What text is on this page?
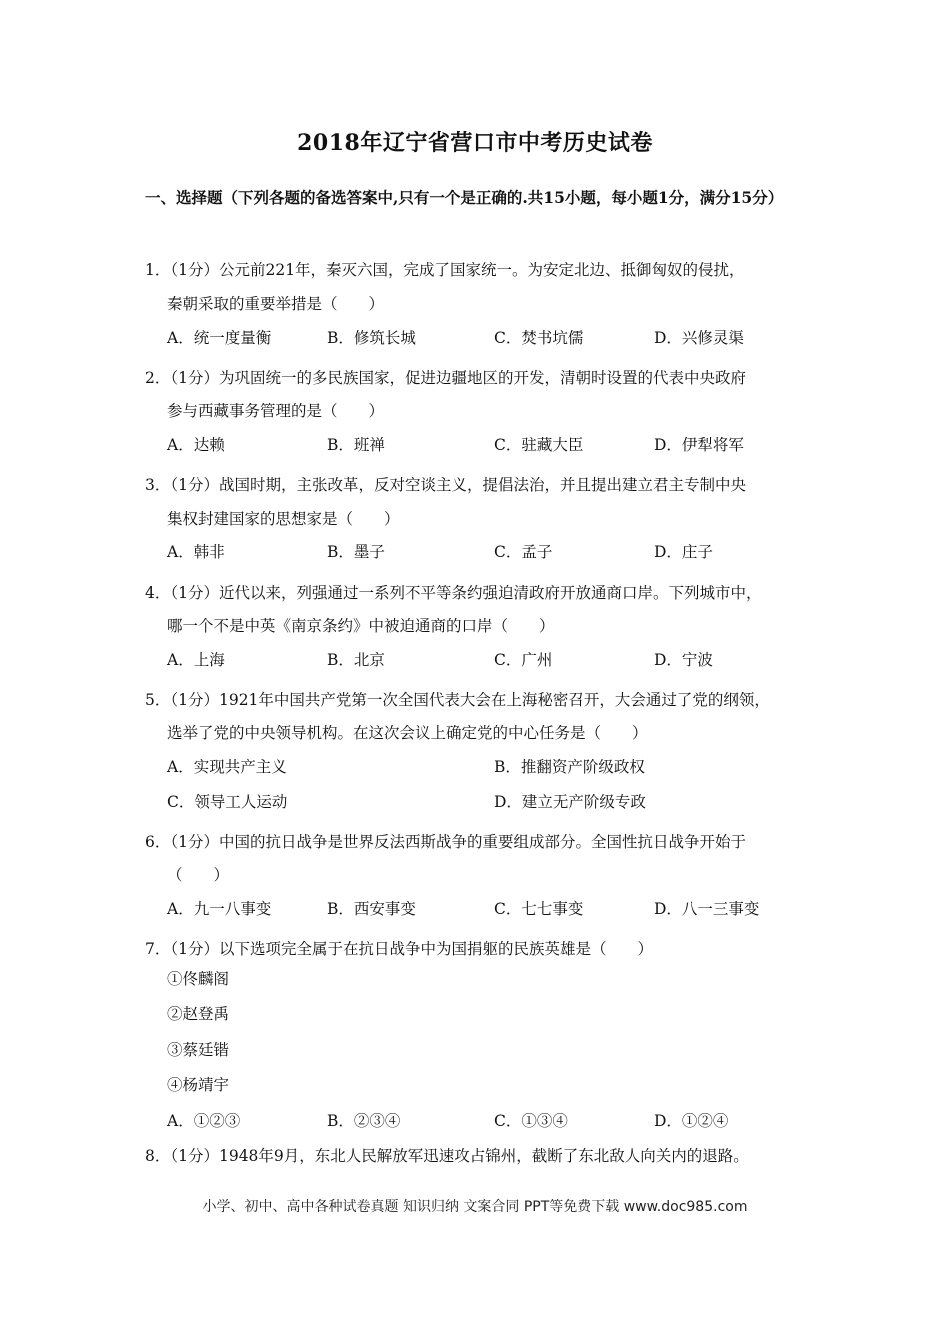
2018年辽宁省营口市中考历史试卷
一、选择题（下列各题的备选答案中,只有一个是正确的.共15小题，每小题1分，满分15分）
1．（1分）公元前221年，秦灭六国，完成了国家统一。为安定北边、抵御匈奴的侵扰，
秦朝采取的重要举措是（　　）
A．统一度量衡	B．修筑长城	C．焚书坑儒	D．兴修灵渠
2．（1分）为巩固统一的多民族国家，促进边疆地区的开发，清朝时设置的代表中央政府
参与西藏事务管理的是（　　）
A．达赖	B．班禅	C．驻藏大臣	D．伊犁将军
3．（1分）战国时期，主张改革，反对空谈主义，提倡法治，并且提出建立君主专制中央
集权封建国家的思想家是（　　）
A．韩非	B．墨子	C．孟子	D．庄子
4．（1分）近代以来，列强通过一系列不平等条约强迫清政府开放通商口岸。下列城市中，
哪一个不是中英《南京条约》中被迫通商的口岸（　　）
A．上海	B．北京	C．广州	D．宁波
5．（1分）1921年中国共产党第一次全国代表大会在上海秘密召开，大会通过了党的纲领，
选举了党的中央领导机构。在这次会议上确定党的中心任务是（　　）
A．实现共产主义	B．推翻资产阶级政权
C．领导工人运动	D．建立无产阶级专政
6．（1分）中国的抗日战争是世界反法西斯战争的重要组成部分。全国性抗日战争开始于
（　　）
A．九一八事变	B．西安事变	C．七七事变	D．八一三事变
7．（1分）以下选项完全属于在抗日战争中为国捐躯的民族英雄是（　　）
①佟麟阁
②赵登禹
③蔡廷锴
④杨靖宇
A．①②③	B．②③④	C．①③④	D．①②④
8．（1分）1948年9月，东北人民解放军迅速攻占锦州，截断了东北敌人向关内的退路。
小学、初中、高中各种试卷真题 知识归纳 文案合同 PPT等免费下载 www.doc985.com
